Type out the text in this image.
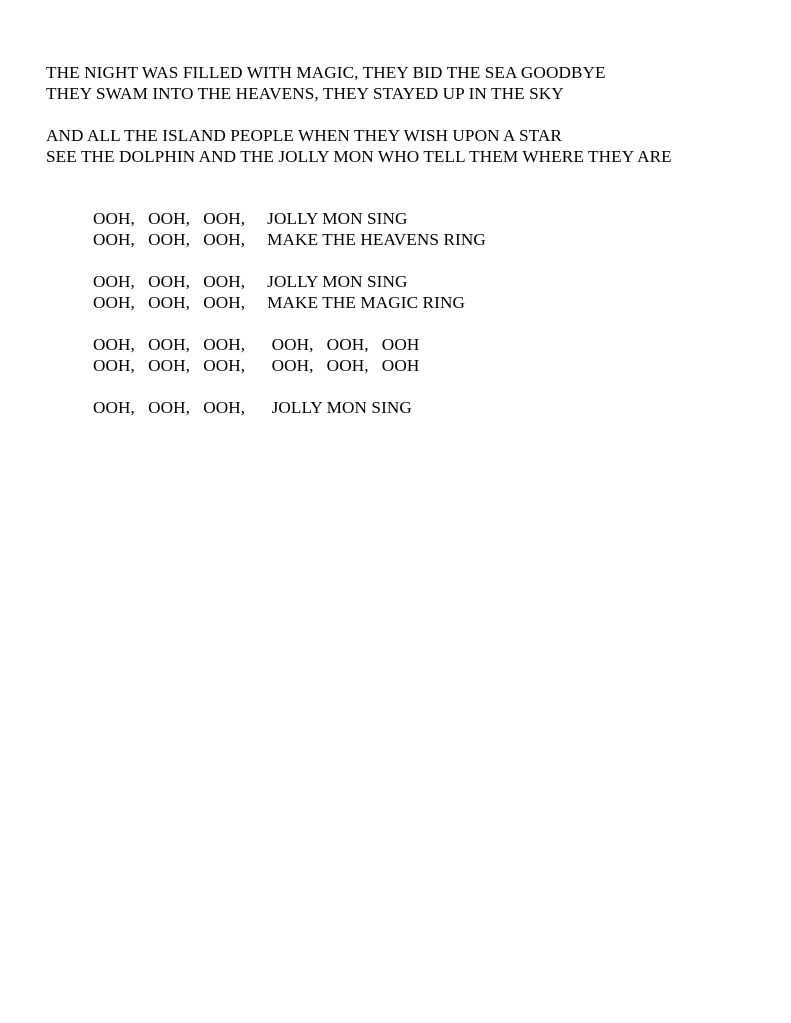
THE NIGHT WAS FILLED WITH MAGIC, THEY BID THE SEA GOODBYE
THEY SWAM INTO THE HEAVENS, THEY STAYED UP IN THE SKY
AND ALL THE ISLAND PEOPLE WHEN THEY WISH UPON A STAR
SEE THE DOLPHIN AND THE JOLLY MON WHO TELL THEM WHERE THEY ARE
OOH,   OOH,   OOH,     JOLLY MON SING
OOH,   OOH,   OOH,     MAKE THE HEAVENS RING
OOH,   OOH,   OOH,     JOLLY MON SING
OOH,   OOH,   OOH,     MAKE THE MAGIC RING
OOH,   OOH,   OOH,      OOH,   OOH,   OOH
OOH,   OOH,   OOH,      OOH,   OOH,   OOH
OOH,   OOH,   OOH,      JOLLY MON SING
